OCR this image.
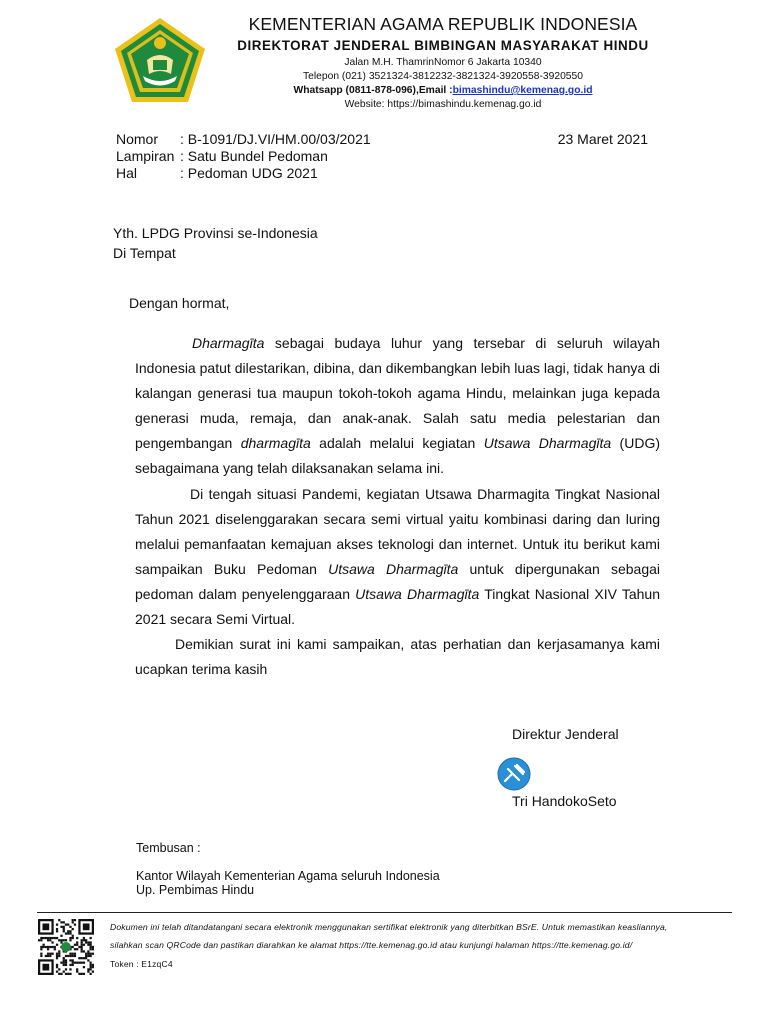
KEMENTERIAN AGAMA REPUBLIK INDONESIA
DIREKTORAT JENDERAL BIMBINGAN MASYARAKAT HINDU
Jalan M.H. ThamrinNomor 6 Jakarta 10340
Telepon (021) 3521324-3812232-3821324-3920558-3920550
Whatsapp (0811-878-096),Email :bimashindu@kemenag.go.id
Website: https://bimashindu.kemenag.go.id
Nomor : B-1091/DJ.VI/HM.00/03/2021
Lampiran : Satu Bundel Pedoman
Hal	: Pedoman UDG 2021
23 Maret 2021
Yth. LPDG Provinsi se-Indonesia
Di Tempat
Dengan hormat,

Dharmagīta sebagai budaya luhur yang tersebar di seluruh wilayah Indonesia patut dilestarikan, dibina, dan dikembangkan lebih luas lagi, tidak hanya di kalangan generasi tua maupun tokoh-tokoh agama Hindu, melainkan juga kepada generasi muda, remaja, dan anak-anak. Salah satu media pelestarian dan pengembangan dharmagīta adalah melalui kegiatan Utsawa Dharmagīta (UDG) sebagaimana yang telah dilaksanakan selama ini.

Di tengah situasi Pandemi, kegiatan Utsawa Dharmagita Tingkat Nasional Tahun 2021 diselenggarakan secara semi virtual yaitu kombinasi daring dan luring melalui pemanfaatan kemajuan akses teknologi dan internet. Untuk itu berikut kami sampaikan Buku Pedoman Utsawa Dharmagīta untuk dipergunakan sebagai pedoman dalam penyelenggaraan Utsawa Dharmagīta Tingkat Nasional XIV Tahun 2021 secara Semi Virtual.

Demikian surat ini kami sampaikan, atas perhatian dan kerjasamanya kami ucapkan terima kasih

Direktur Jenderal
Tri HandokoSeto
Tembusan :
Kantor Wilayah Kementerian Agama seluruh Indonesia
Up. Pembimas Hindu
Dokumen ini telah ditandatangani secara elektronik menggunakan sertifikat elektronik yang diterbitkan BSrE. Untuk memastikan keasliannya,
silahkan scan QRCode dan pastikan diarahkan ke alamat https://tte.kemenag.go.id atau kunjungi halaman https://tte.kemenag.go.id/
Token : E1zqC4
